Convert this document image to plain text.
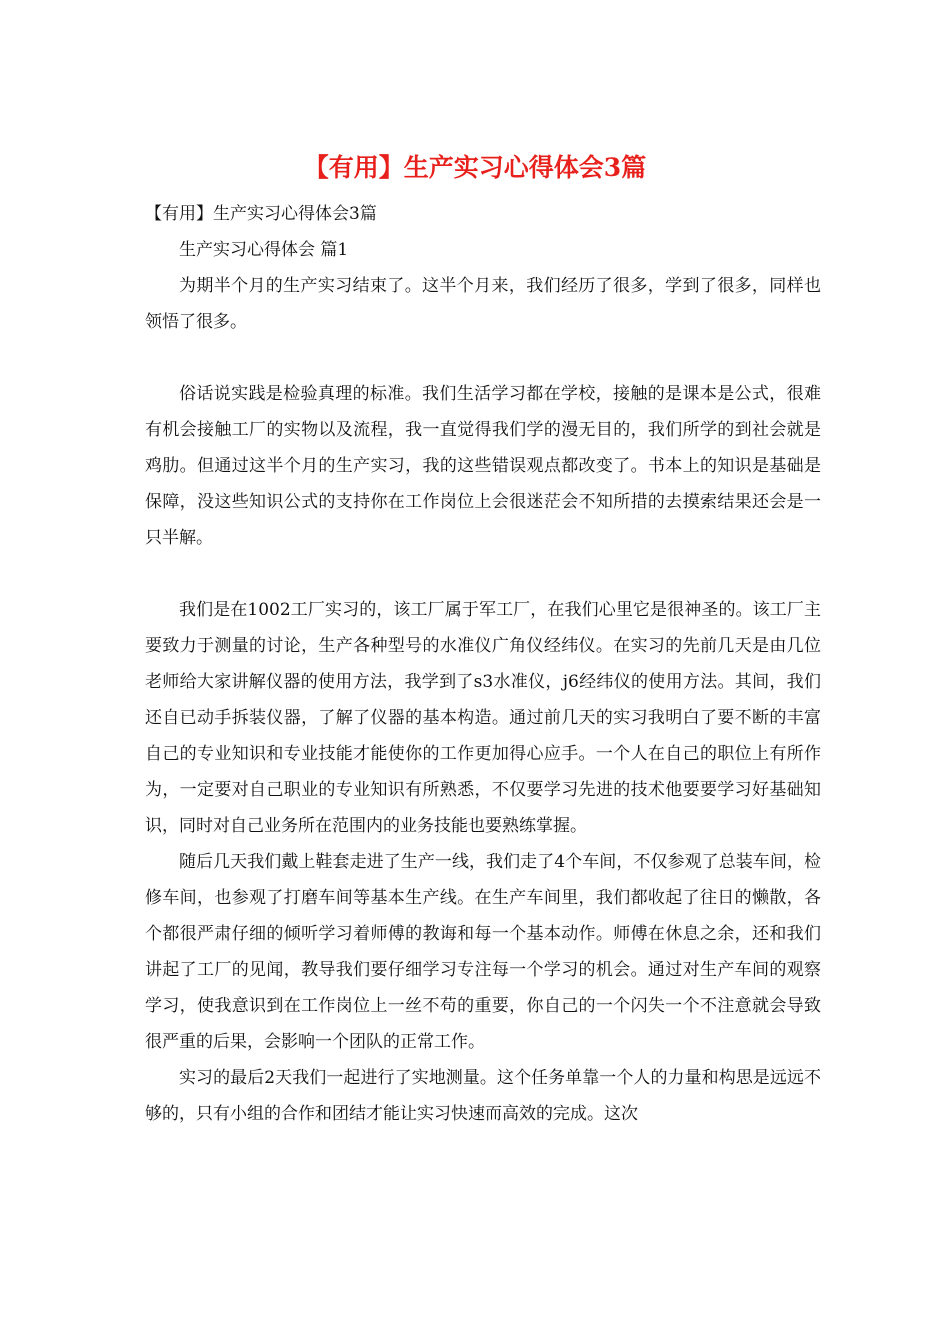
【有用】生产实习心得体会3篇

【有用】生产实习心得体会3篇

生产实习心得体会 篇1

为期半个月的生产实习结束了。这半个月来，我们经历了很多，学到了很多，同样也领悟了很多。

俗话说实践是检验真理的标准。我们生活学习都在学校，接触的是课本是公式，很难有机会接触工厂的实物以及流程，我一直觉得我们学的漫无目的，我们所学的到社会就是鸡肋。但通过这半个月的生产实习，我的这些错误观点都改变了。书本上的知识是基础是保障，没这些知识公式的支持你在工作岗位上会很迷茫会不知所措的去摸索结果还会是一只半解。

我们是在1002工厂实习的，该工厂属于军工厂，在我们心里它是很神圣的。该工厂主要致力于测量的讨论，生产各种型号的水准仪广角仪经纬仪。在实习的先前几天是由几位老师给大家讲解仪器的使用方法，我学到了s3水准仪，j6经纬仪的使用方法。其间，我们还自已动手拆装仪器，了解了仪器的基本构造。通过前几天的实习我明白了要不断的丰富自己的专业知识和专业技能才能使你的工作更加得心应手。一个人在自己的职位上有所作为，一定要对自己职业的专业知识有所熟悉，不仅要学习先进的技术他要要学习好基础知识，同时对自己业务所在范围内的业务技能也要熟练掌握。

随后几天我们戴上鞋套走进了生产一线，我们走了4个车间，不仅参观了总装车间，检修车间，也参观了打磨车间等基本生产线。在生产车间里，我们都收起了往日的懒散，各个都很严肃仔细的倾听学习着师傅的教诲和每一个基本动作。师傅在休息之余，还和我们讲起了工厂的见闻，教导我们要仔细学习专注每一个学习的机会。通过对生产车间的观察学习，使我意识到在工作岗位上一丝不苟的重要，你自己的一个闪失一个不注意就会导致很严重的后果，会影响一个团队的正常工作。

实习的最后2天我们一起进行了实地测量。这个任务单靠一个人的力量和构思是远远不够的，只有小组的合作和团结才能让实习快速而高效的完成。这次
